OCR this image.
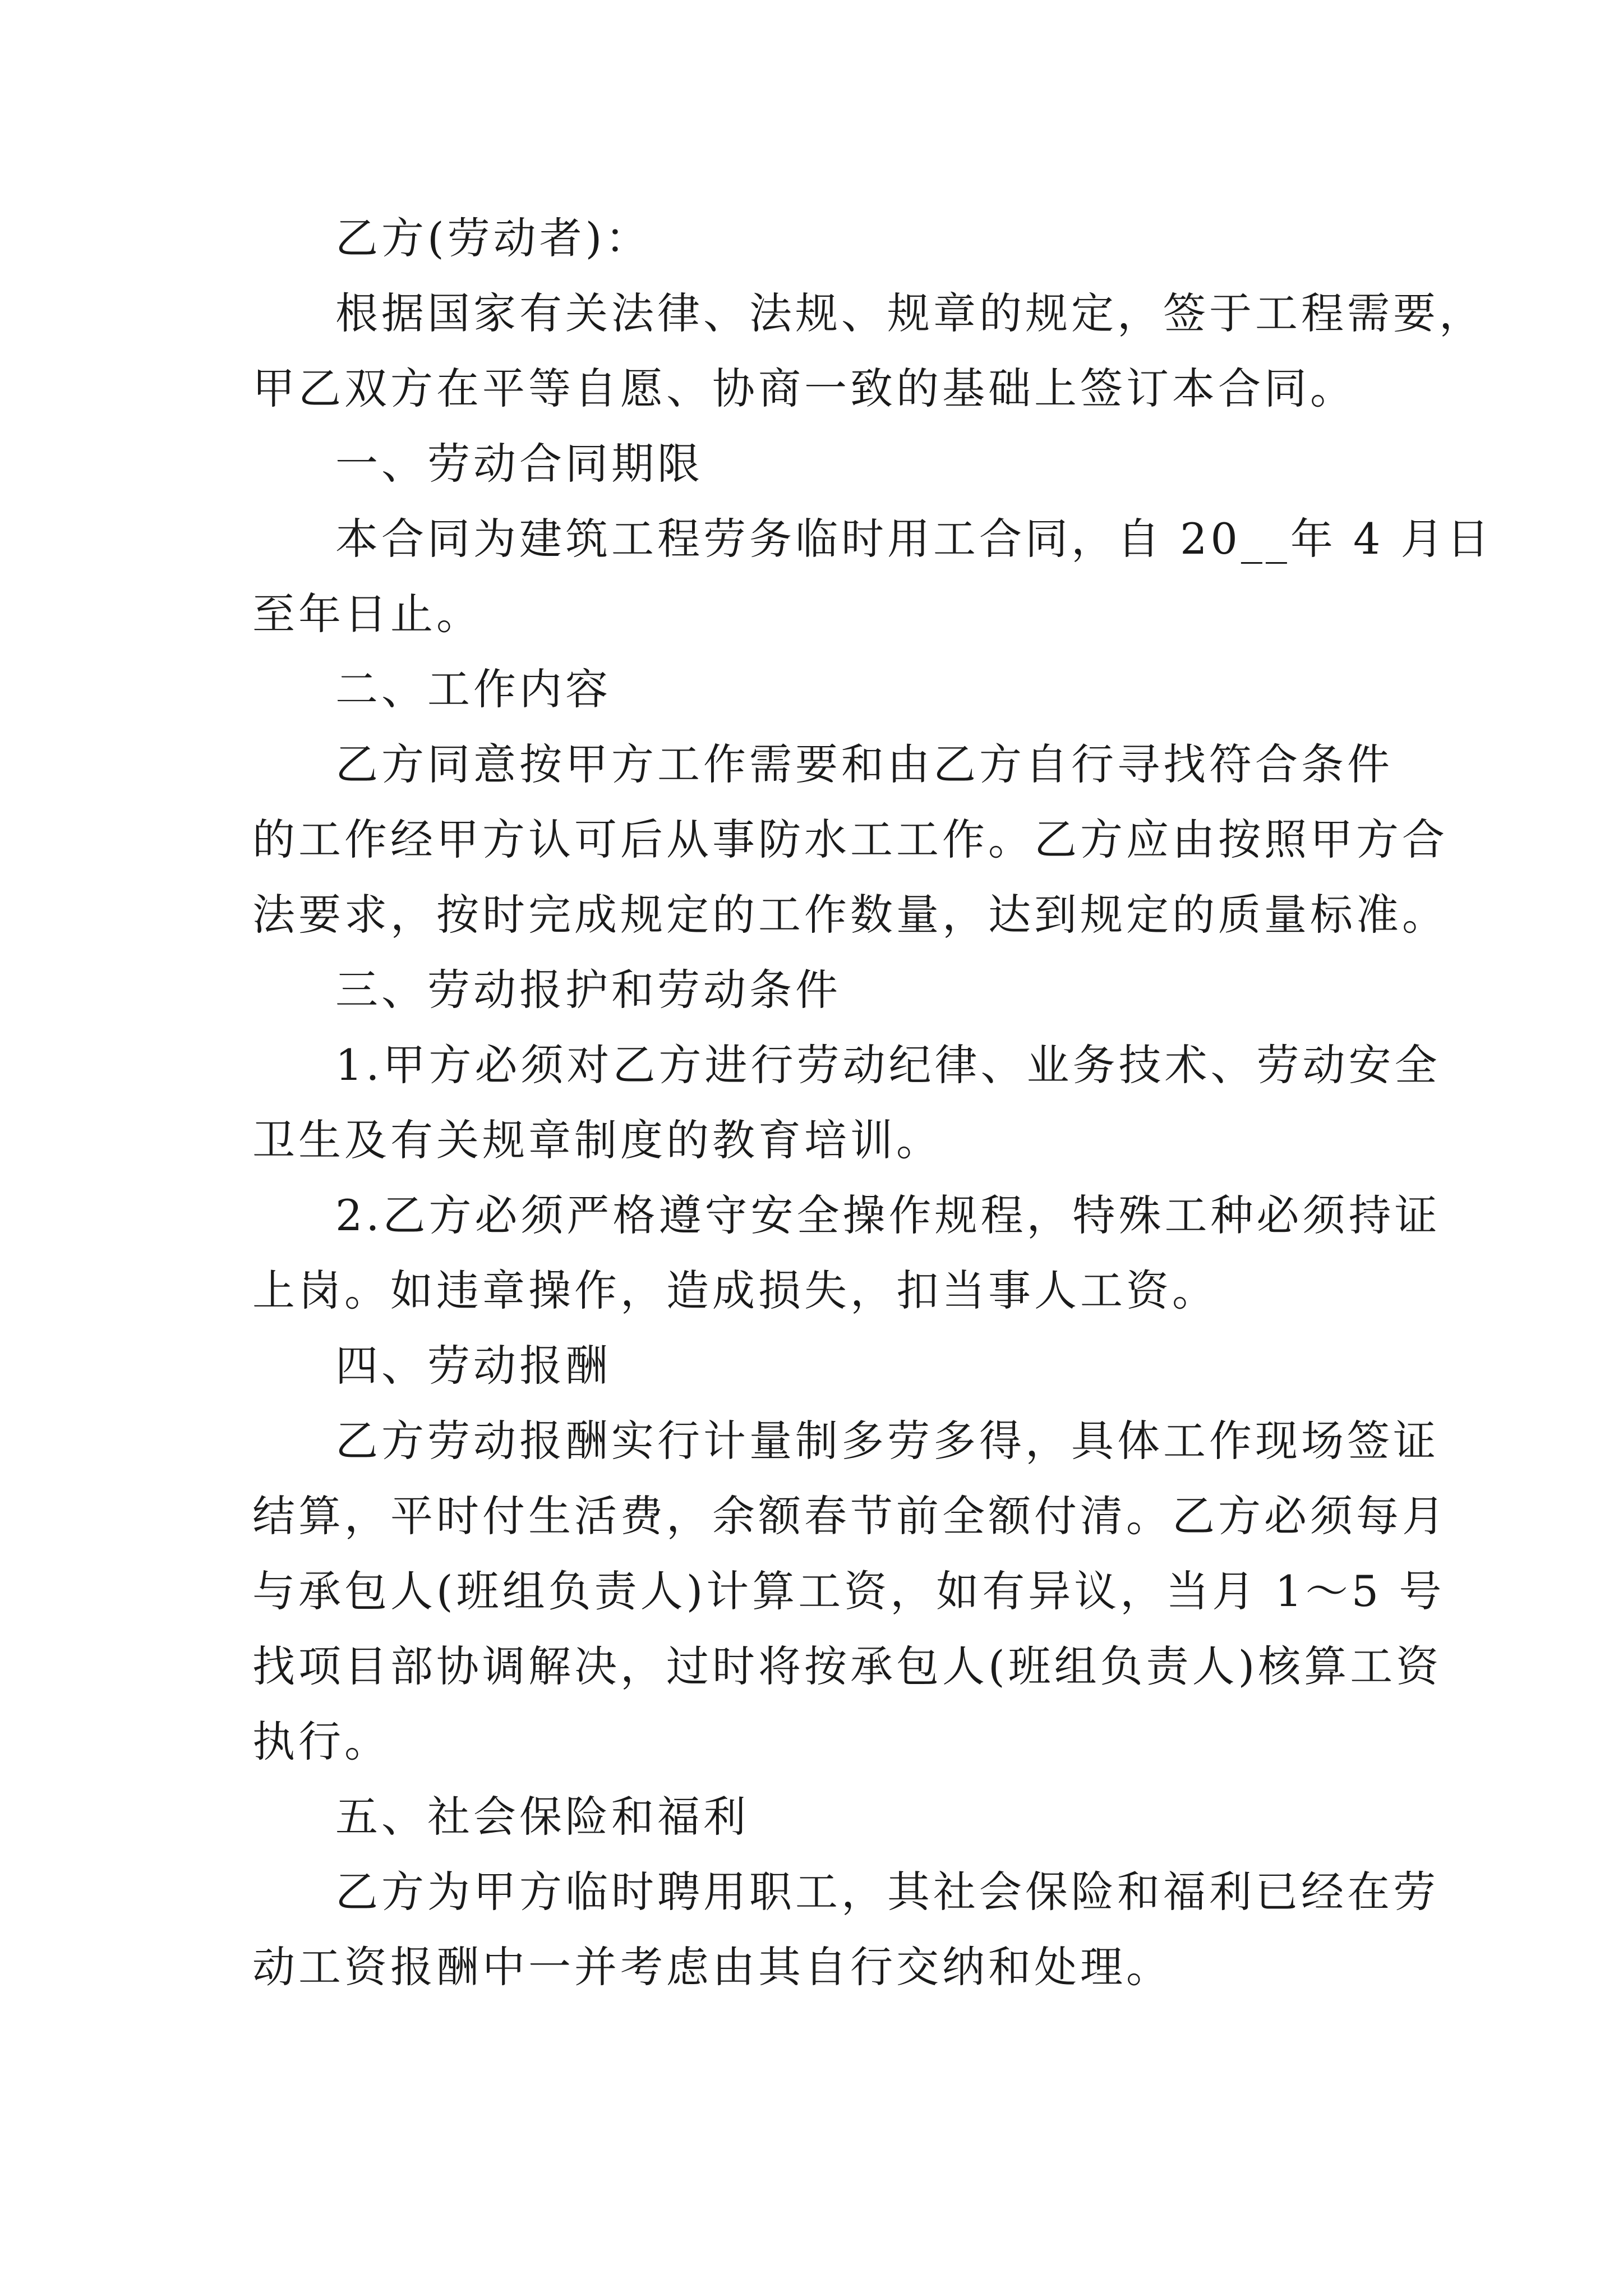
乙方(劳动者)：
根据国家有关法律、法规、规章的规定，签于工程需要，
甲乙双方在平等自愿、协商一致的基础上签订本合同。
一、劳动合同期限
本合同为建筑工程劳务临时用工合同，自 20__年 4 月日
至年日止。
二、工作内容
乙方同意按甲方工作需要和由乙方自行寻找符合条件
的工作经甲方认可后从事防水工工作。乙方应由按照甲方合
法要求，按时完成规定的工作数量，达到规定的质量标准。
三、劳动报护和劳动条件
1.甲方必须对乙方进行劳动纪律、业务技术、劳动安全
卫生及有关规章制度的教育培训。
2.乙方必须严格遵守安全操作规程，特殊工种必须持证
上岗。如违章操作，造成损失，扣当事人工资。
四、劳动报酬
乙方劳动报酬实行计量制多劳多得，具体工作现场签证
结算，平时付生活费，余额春节前全额付清。乙方必须每月
与承包人(班组负责人)计算工资，如有异议，当月 1～5 号
找项目部协调解决，过时将按承包人(班组负责人)核算工资
执行。
五、社会保险和福利
乙方为甲方临时聘用职工，其社会保险和福利已经在劳
动工资报酬中一并考虑由其自行交纳和处理。
